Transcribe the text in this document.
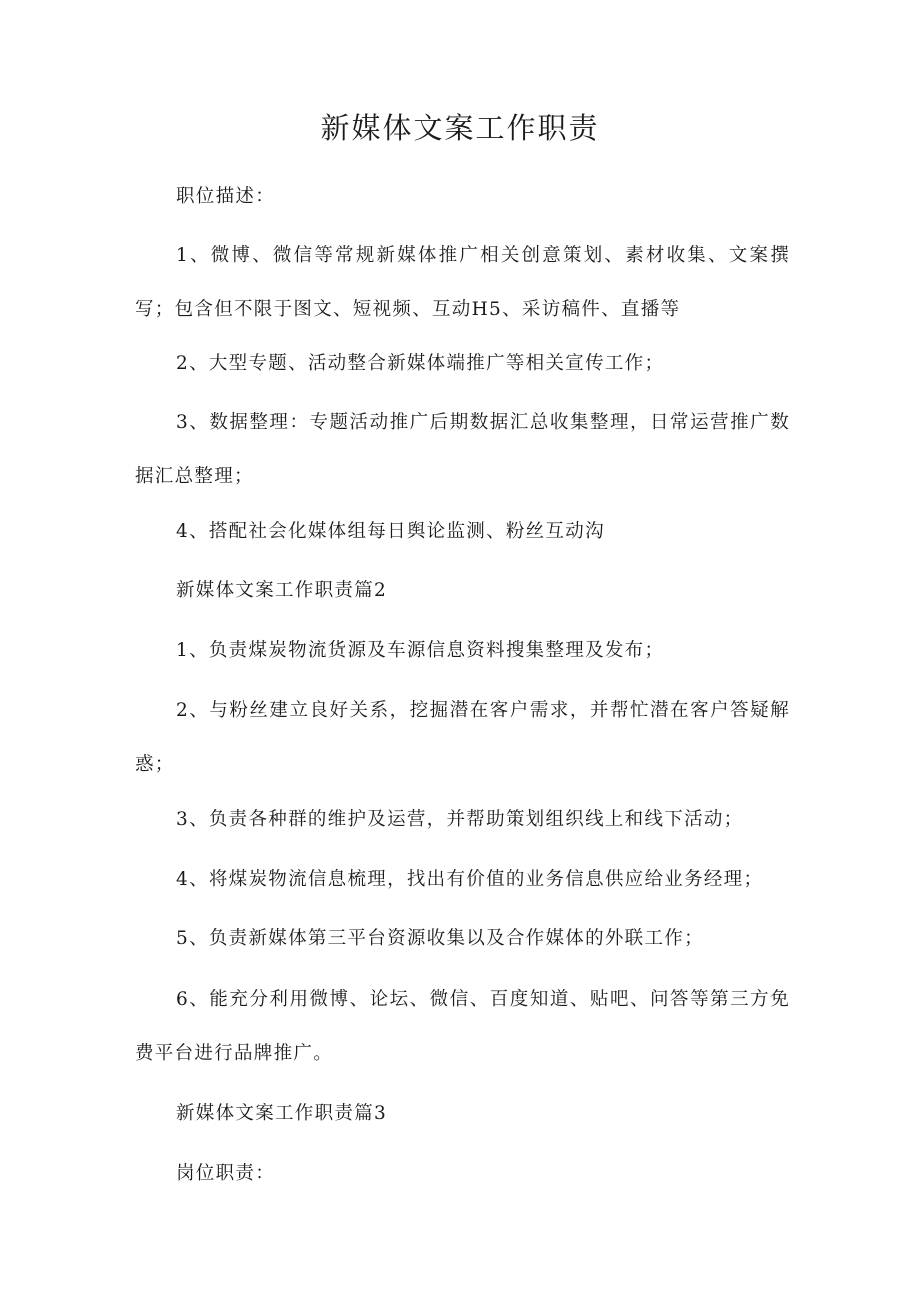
新媒体文案工作职责

职位描述：

1、微博、微信等常规新媒体推广相关创意策划、素材收集、文案撰写；包含但不限于图文、短视频、互动H5、采访稿件、直播等

2、大型专题、活动整合新媒体端推广等相关宣传工作；

3、数据整理：专题活动推广后期数据汇总收集整理，日常运营推广数据汇总整理；

4、搭配社会化媒体组每日舆论监测、粉丝互动沟

新媒体文案工作职责篇2

1、负责煤炭物流货源及车源信息资料搜集整理及发布；

2、与粉丝建立良好关系，挖掘潜在客户需求，并帮忙潜在客户答疑解惑；

3、负责各种群的维护及运营，并帮助策划组织线上和线下活动；

4、将煤炭物流信息梳理，找出有价值的业务信息供应给业务经理；

5、负责新媒体第三平台资源收集以及合作媒体的外联工作；

6、能充分利用微博、论坛、微信、百度知道、贴吧、问答等第三方免费平台进行品牌推广。

新媒体文案工作职责篇3

岗位职责：
